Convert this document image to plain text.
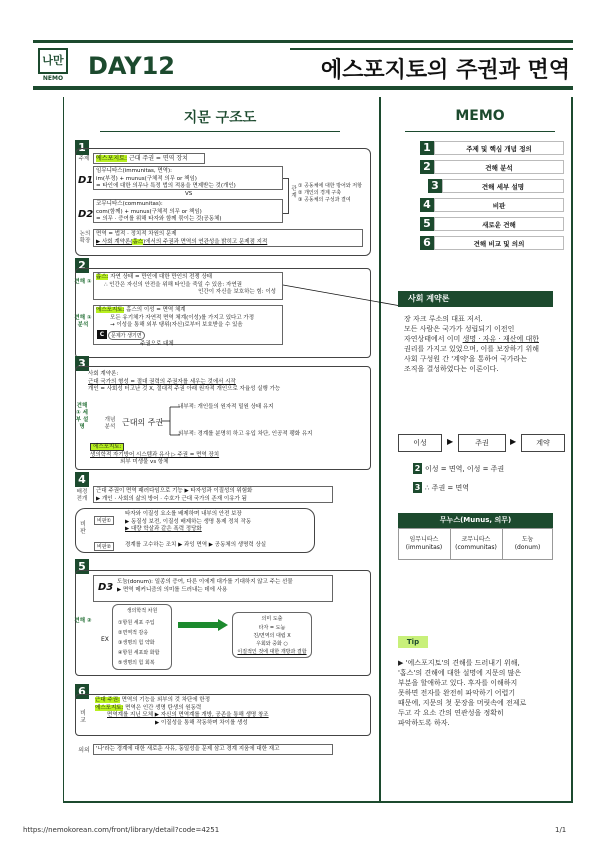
나만
NEMO	DAY12	에스포지토의 주권과 면역
지문 구조도
1
주제	에스포지토: 근대 주권 = 면역 장치
D1
임무니타스(immunitas, 면역):
im(부정) + munus(구체적 의무 or 책임)
= 타인에 대한 의무나 특정 법의 적용을 면제받는 것(개인)
VS
D2
코무니타스(communitas):
com(함께) + munus(구체적 의무 or 책임)
= 의무 · 증여를 위해 타자와 함께 묶이는 것(공동체)
관계
① 공동체에 대한 방어와 저항
② 개인의 경계 구축
③ 공동체의 구성과 결여
논의 확장
면역 = 법적 · 정치적 차원의 문제
▶ 사회 계약론(홉스)에서의 주권과 면역의 연관성을 밝히고 문제점 지적
2
견해 ①
홉스: 자연 상태 = 만인에 대한 만인의 전쟁 상태
∴ 인간은 자신의 안전을 위해 타인을 죽일 수 있음: 자연권
인간이 자신을 보호하는 힘: 이성
견해 ① 분석
에스포지토: 홉스의 이성 = 면역 체계
모든 유기체가 자연적 면역 체계(이성)를 가지고 있다고 가정
→ 이성을 통해 외부 탱위(자신)로부터 보호받을 수 있음
C	문제가 생기면
주권으로 대체
3
사회 계약론:
근대 국가의 형성 = 절대 권력의 주권자를 세우는 것에서 시작
개인 = 사회성 터고난 것 X, 절대적 주권 아래 원자적 개인으로 자율성 실행 가능
견해 ① 세부 설명
개념 분석 근대의 주권
내부적: 개인들의 원자적 밀원 상태 유지
외부적: 경계를 분명히 하고 유입 차단, 인공적 팽화 유지
에스포지토:
생의학적 자기방어 시스템과 유사 ▷ 주권 = 면역 장치
외부 미생물 vs 항체
4
배경 전개
근대 주권이 면역 패러다임으로 기능 ▶ 타자성과 이질성의 위험화
▶ 개인 · 사회의 삶의 방어 · 수호가 근대 국가의 존재 이유가 됨
비판
비판①
타자와 이질성 요소를 배제하며 내부의 안전 보장
▶ 동질성 보전, 이질성 배제하는 생명 통제 정치 작동
▶ 대량 학살과 같은 폭력 정당화
비판②	경계를 고수하는 조치 ▶ 과잉 면역 ▶ 공동체의 생명력 상실
5
견해 ②
D3 도눔(donum): 일종의 증여, 다른 이에게 대가를 기대하지 않고 주는 선물
▶ 면역 메커니즘의 의미를 드러내는 데에 사용
EX
생의학적 차원
①항원 세포 주입
②면역적 감응
③생명의 힘 약화
④항원 세포와 화합
⑤생명의 힘 회복
의미 도출
타자 = 도눔
친/면역의 대립 X
우회와 중화 ○
이질적인 것에 대한 개방과 결합
6
비교
근대 주권: 면역의 기능을 외부의 것 차단에 한정
에스포지토: 면역은 인간 생명 탄생의 원동력
면역계를 지닌 모체 ▶ 자신의 면역계를 개방, 공존을 통해 생명 창조
▶ 이질성을 통해 작동하며 차이를 생성
의의	'나'라는 경계에 대한 새로운 사유, 동일성을 문제 삼고 경계 지움에 대한 재고
MEMO
1	주제 및 핵심 개념 정의
2	견해 분석
3	견해 세부 설명
4	비판
5	새로운 견해
6	견해 비교 및 의의
사회 계약론
장 자크 루소의 대표 저서.
모든 사람은 국가가 성립되기 이전인
자연상태에서 이미 생명 · 자유 · 재산에 대한
권리를 가지고 있었으며, 이를 보장하기 위해
사회 구성원 간 '계약'을 통하여 국가라는
조직을 결성하였다는 이론이다.
이성	▶	주권	▶	계약
2 이성 = 면역, 이성 = 주권
3 ∴ 주권 = 면역
무누스(Munus, 의무)
임무니타스
(immunitas)
코무니타스
(communitas)
도눔
(donum)
Tip
▶ '에스포지토'의 견해를 드러내기 위해,
'홉스'의 견해에 대한 설명에 지문의 많은
부분을 할애하고 있다. 후자를 이해하지
못하면 전자를 완전히 파악하기 어렵기
때문에, 지문의 첫 문장을 머릿속에 전제로
두고 각 요소 간의 연관성을 정확히
파악하도록 하자.
https://nemokorean.com/front/library/detail?code=4251	1/1
